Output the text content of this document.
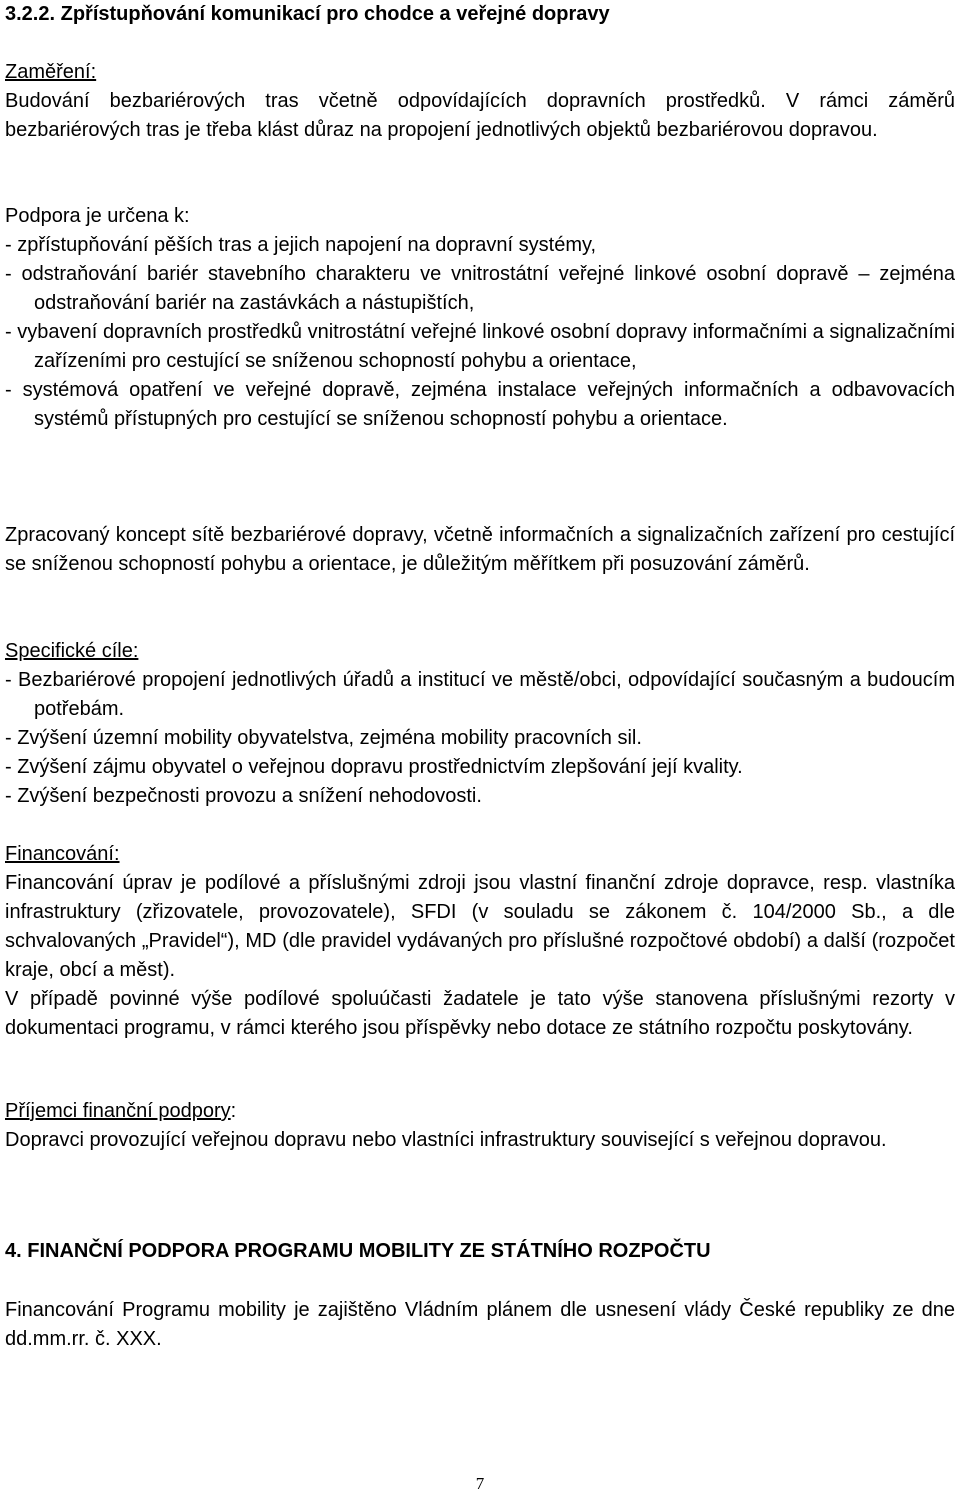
3.2.2. Zpřístupňování komunikací pro chodce a veřejné dopravy

Zaměření:

Budování bezbariérových tras včetně odpovídajících dopravních prostředků. V rámci záměrů bezbariérových tras je třeba klást důraz na propojení jednotlivých objektů bezbariérovou dopravou.

Podpora je určena k:

- zpřístupňování pěších tras a jejich napojení na dopravní systémy,
- odstraňování bariér stavebního charakteru ve vnitrostátní veřejné linkové osobní dopravě – zejména odstraňování bariér na zastávkách a nástupištích,
- vybavení dopravních prostředků vnitrostátní veřejné linkové osobní dopravy informačními a signalizačními zařízeními pro cestující se sníženou schopností pohybu a orientace,
- systémová opatření ve veřejné dopravě, zejména instalace veřejných informačních a odbavovacích systémů přístupných pro cestující se sníženou schopností pohybu a orientace.

Zpracovaný koncept sítě bezbariérové dopravy, včetně informačních a signalizačních zařízení pro cestující se sníženou schopností pohybu a orientace, je důležitým měřítkem při posuzování záměrů.

Specifické cíle:

- Bezbariérové propojení jednotlivých úřadů a institucí ve městě/obci, odpovídající současným a budoucím potřebám.
- Zvýšení územní mobility obyvatelstva, zejména mobility pracovních sil.
- Zvýšení zájmu obyvatel o veřejnou dopravu prostřednictvím zlepšování její kvality.
- Zvýšení bezpečnosti provozu a snížení nehodovosti.

Financování:

Financování úprav je podílové a příslušnými zdroji jsou vlastní finanční zdroje dopravce, resp. vlastníka infrastruktury (zřizovatele, provozovatele), SFDI (v souladu se zákonem č. 104/2000 Sb., a dle schvalovaných „Pravidel“), MD (dle pravidel vydávaných pro příslušné rozpočtové období) a další (rozpočet kraje, obcí a měst).

V případě povinné výše podílové spoluúčasti žadatele je tato výše stanovena příslušnými rezorty v dokumentaci programu, v rámci kterého jsou příspěvky nebo dotace ze státního rozpočtu poskytovány.

Příjemci finanční podpory:

Dopravci provozující veřejnou dopravu nebo vlastníci infrastruktury související s veřejnou dopravou.

4. FINANČNÍ PODPORA PROGRAMU MOBILITY ZE STÁTNÍHO ROZPOČTU

Financování Programu mobility je zajištěno Vládním plánem dle usnesení vlády České republiky ze dne dd.mm.rr. č. XXX.

7
